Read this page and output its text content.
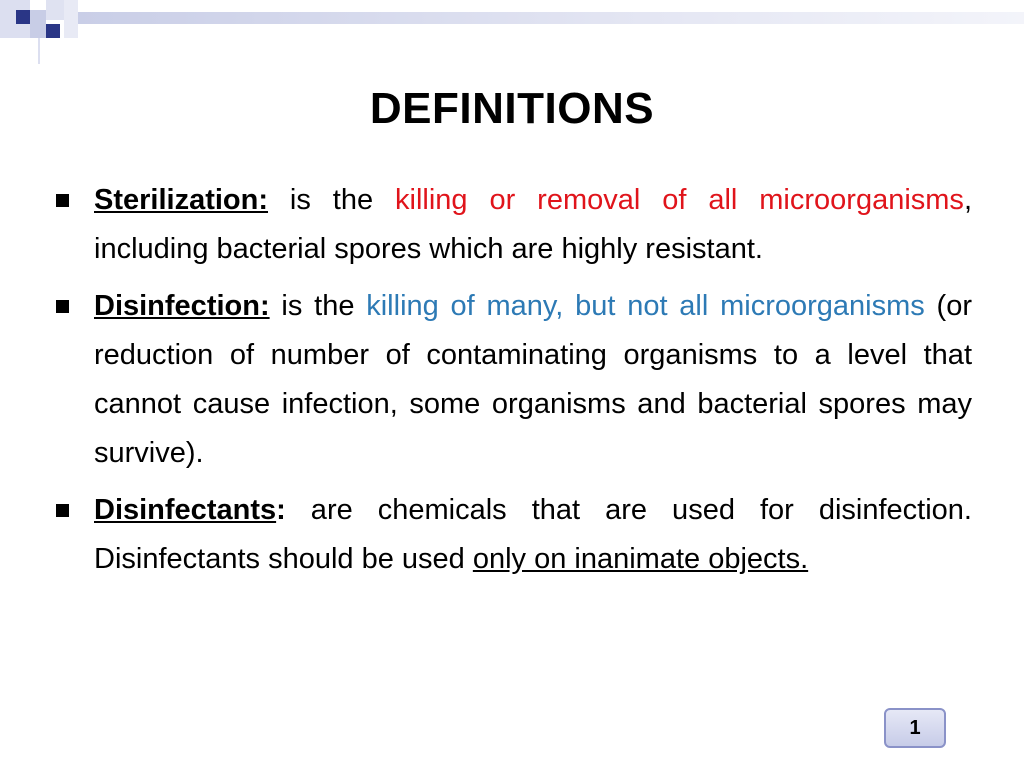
DEFINITIONS
Sterilization: is the killing or removal of all microorganisms, including bacterial spores which are highly resistant.
Disinfection: is the killing of many, but not all microorganisms (or reduction of number of contaminating organisms to a level that cannot cause infection, some organisms and bacterial spores may survive).
Disinfectants: are chemicals that are used for disinfection. Disinfectants should be used only on inanimate objects.
1
